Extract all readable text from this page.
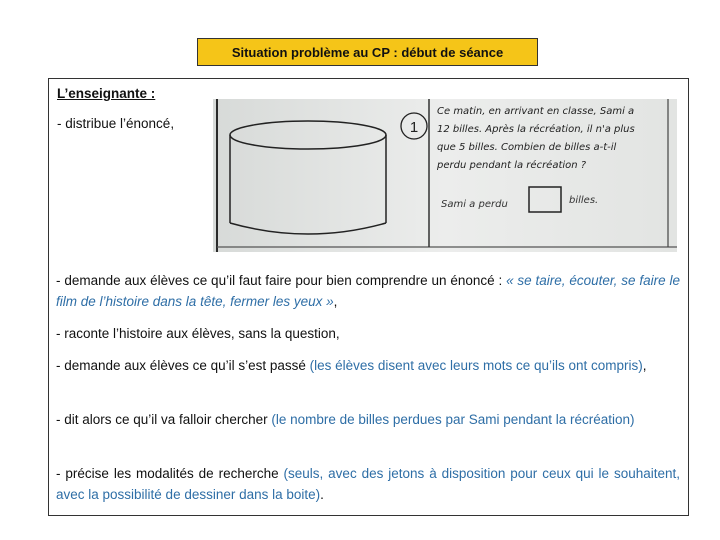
Situation problème au CP : début de séance
L’enseignante :
- distribue l’énoncé,	1
Ce matin, en arrivant en classe, Sami a
12 billes. Après la récréation, il n'a plus
que 5 billes. Combien de billes a-t-il
perdu pendant la récréation ?
Sami a perdu	billes.
- demande aux élèves ce qu’il faut faire pour bien comprendre un énoncé : « se taire, écouter, se faire le film de l’histoire dans la tête, fermer les yeux »,
- raconte l’histoire aux élèves, sans la question,
- demande aux élèves ce qu’il s’est passé (les élèves disent avec leurs mots ce qu’ils ont compris),
- dit alors ce qu’il va falloir chercher (le nombre de billes perdues par Sami pendant la récréation)
- précise les modalités de recherche (seuls, avec des jetons à disposition pour ceux qui le souhaitent, avec la possibilité de dessiner dans la boite).
